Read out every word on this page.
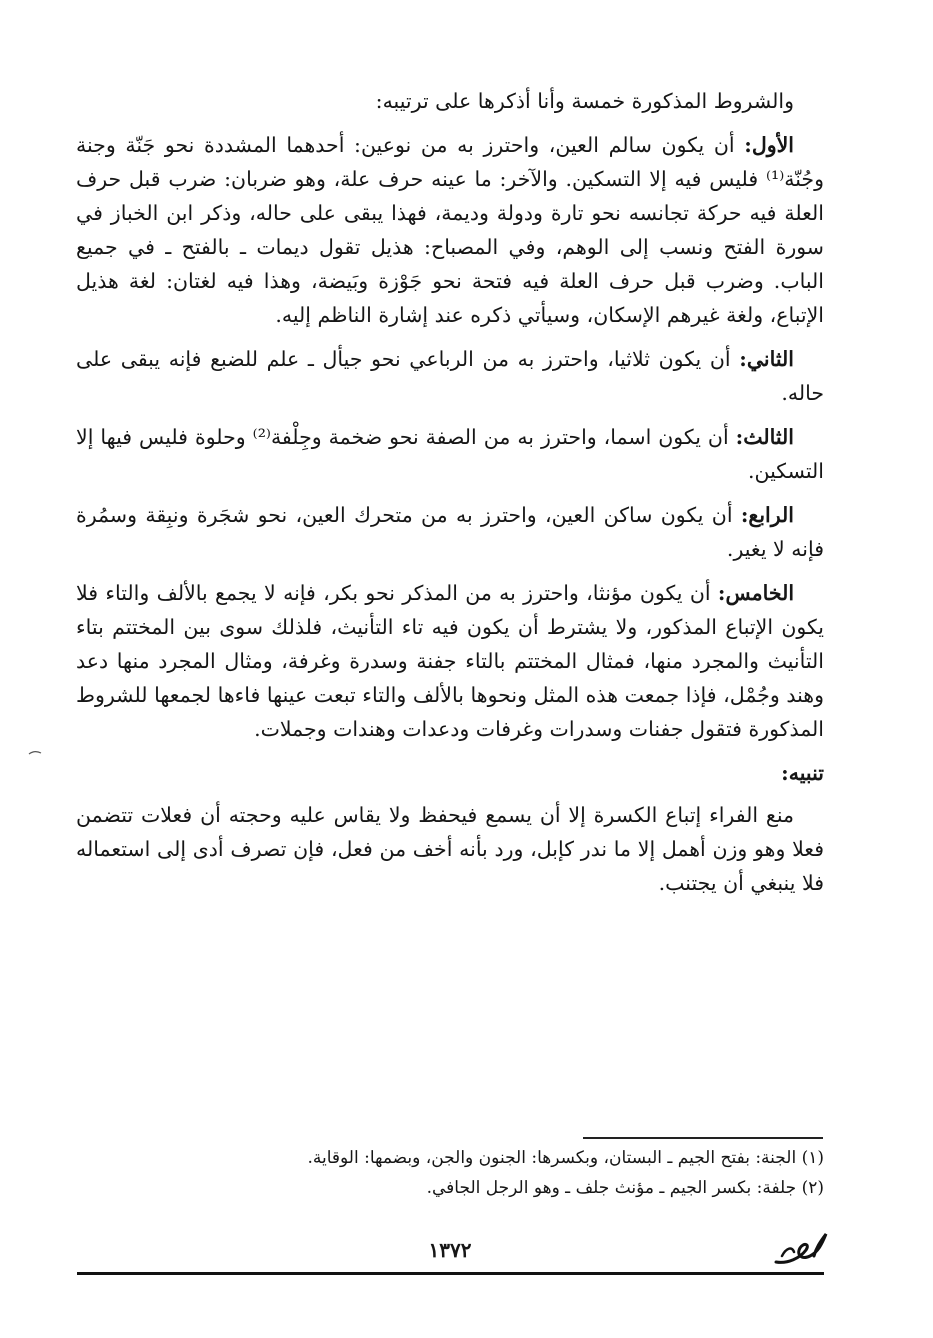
والشروط المذكورة خمسة وأنا أذكرها على ترتيبه:

الأول: أن يكون سالم العين، واحترز به من نوعين: أحدهما المشددة نحو جَنّة وجنة وجُنّة⁽¹⁾ فليس فيه إلا التسكين. والآخر: ما عينه حرف علة، وهو ضربان: ضرب قبل حرف العلة فيه حركة تجانسه نحو تارة ودولة وديمة، فهذا يبقى على حاله، وذكر ابن الخباز في سورة الفتح ونسب إلى الوهم، وفي المصباح: هذيل تقول ديمات ـ بالفتح ـ في جميع الباب. وضرب قبل حرف العلة فيه فتحة نحو جَوْزة وبَيضة، وهذا فيه لغتان: لغة هذيل الإتباع، ولغة غيرهم الإسكان، وسيأتي ذكره عند إشارة الناظم إليه.

الثاني: أن يكون ثلاثيا، واحترز به من الرباعي نحو جيأل ـ علم للضبع فإنه يبقى على حاله.

الثالث: أن يكون اسما، واحترز به من الصفة نحو ضخمة وجِلْفة⁽²⁾ وحلوة فليس فيها إلا التسكين.

الرابع: أن يكون ساكن العين، واحترز به من متحرك العين، نحو شجَرة ونبِقة وسمُرة فإنه لا يغير.

الخامس: أن يكون مؤنثا، واحترز به من المذكر نحو بكر، فإنه لا يجمع بالألف والتاء فلا يكون الإتباع المذكور، ولا يشترط أن يكون فيه تاء التأنيث، فلذلك سوى بين المختتم بتاء التأنيث والمجرد منها، فمثال المختتم بالتاء جفنة وسدرة وغرفة، ومثال المجرد منها دعد وهند وجُمْل، فإذا جمعت هذه المثل ونحوها بالألف والتاء تبعت عينها فاءها لجمعها للشروط المذكورة فتقول جفنات وسدرات وغرفات ودعدات وهندات وجملات.

تنبيه:

منع الفراء إتباع الكسرة إلا أن يسمع فيحفظ ولا يقاس عليه وحجته أن فعلات تتضمن فعلا وهو وزن أهمل إلا ما ندر كإبل، ورد بأنه أخف من فعل، فإن تصرف أدى إلى استعماله فلا ينبغي أن يجتنب.

(١) الجنة: بفتح الجيم ـ البستان، وبكسرها: الجنون والجن، وبضمها: الوقاية.
(٢) جلفة: بكسر الجيم ـ مؤنث جلف ـ وهو الرجل الجافي.
١٣٧٢
